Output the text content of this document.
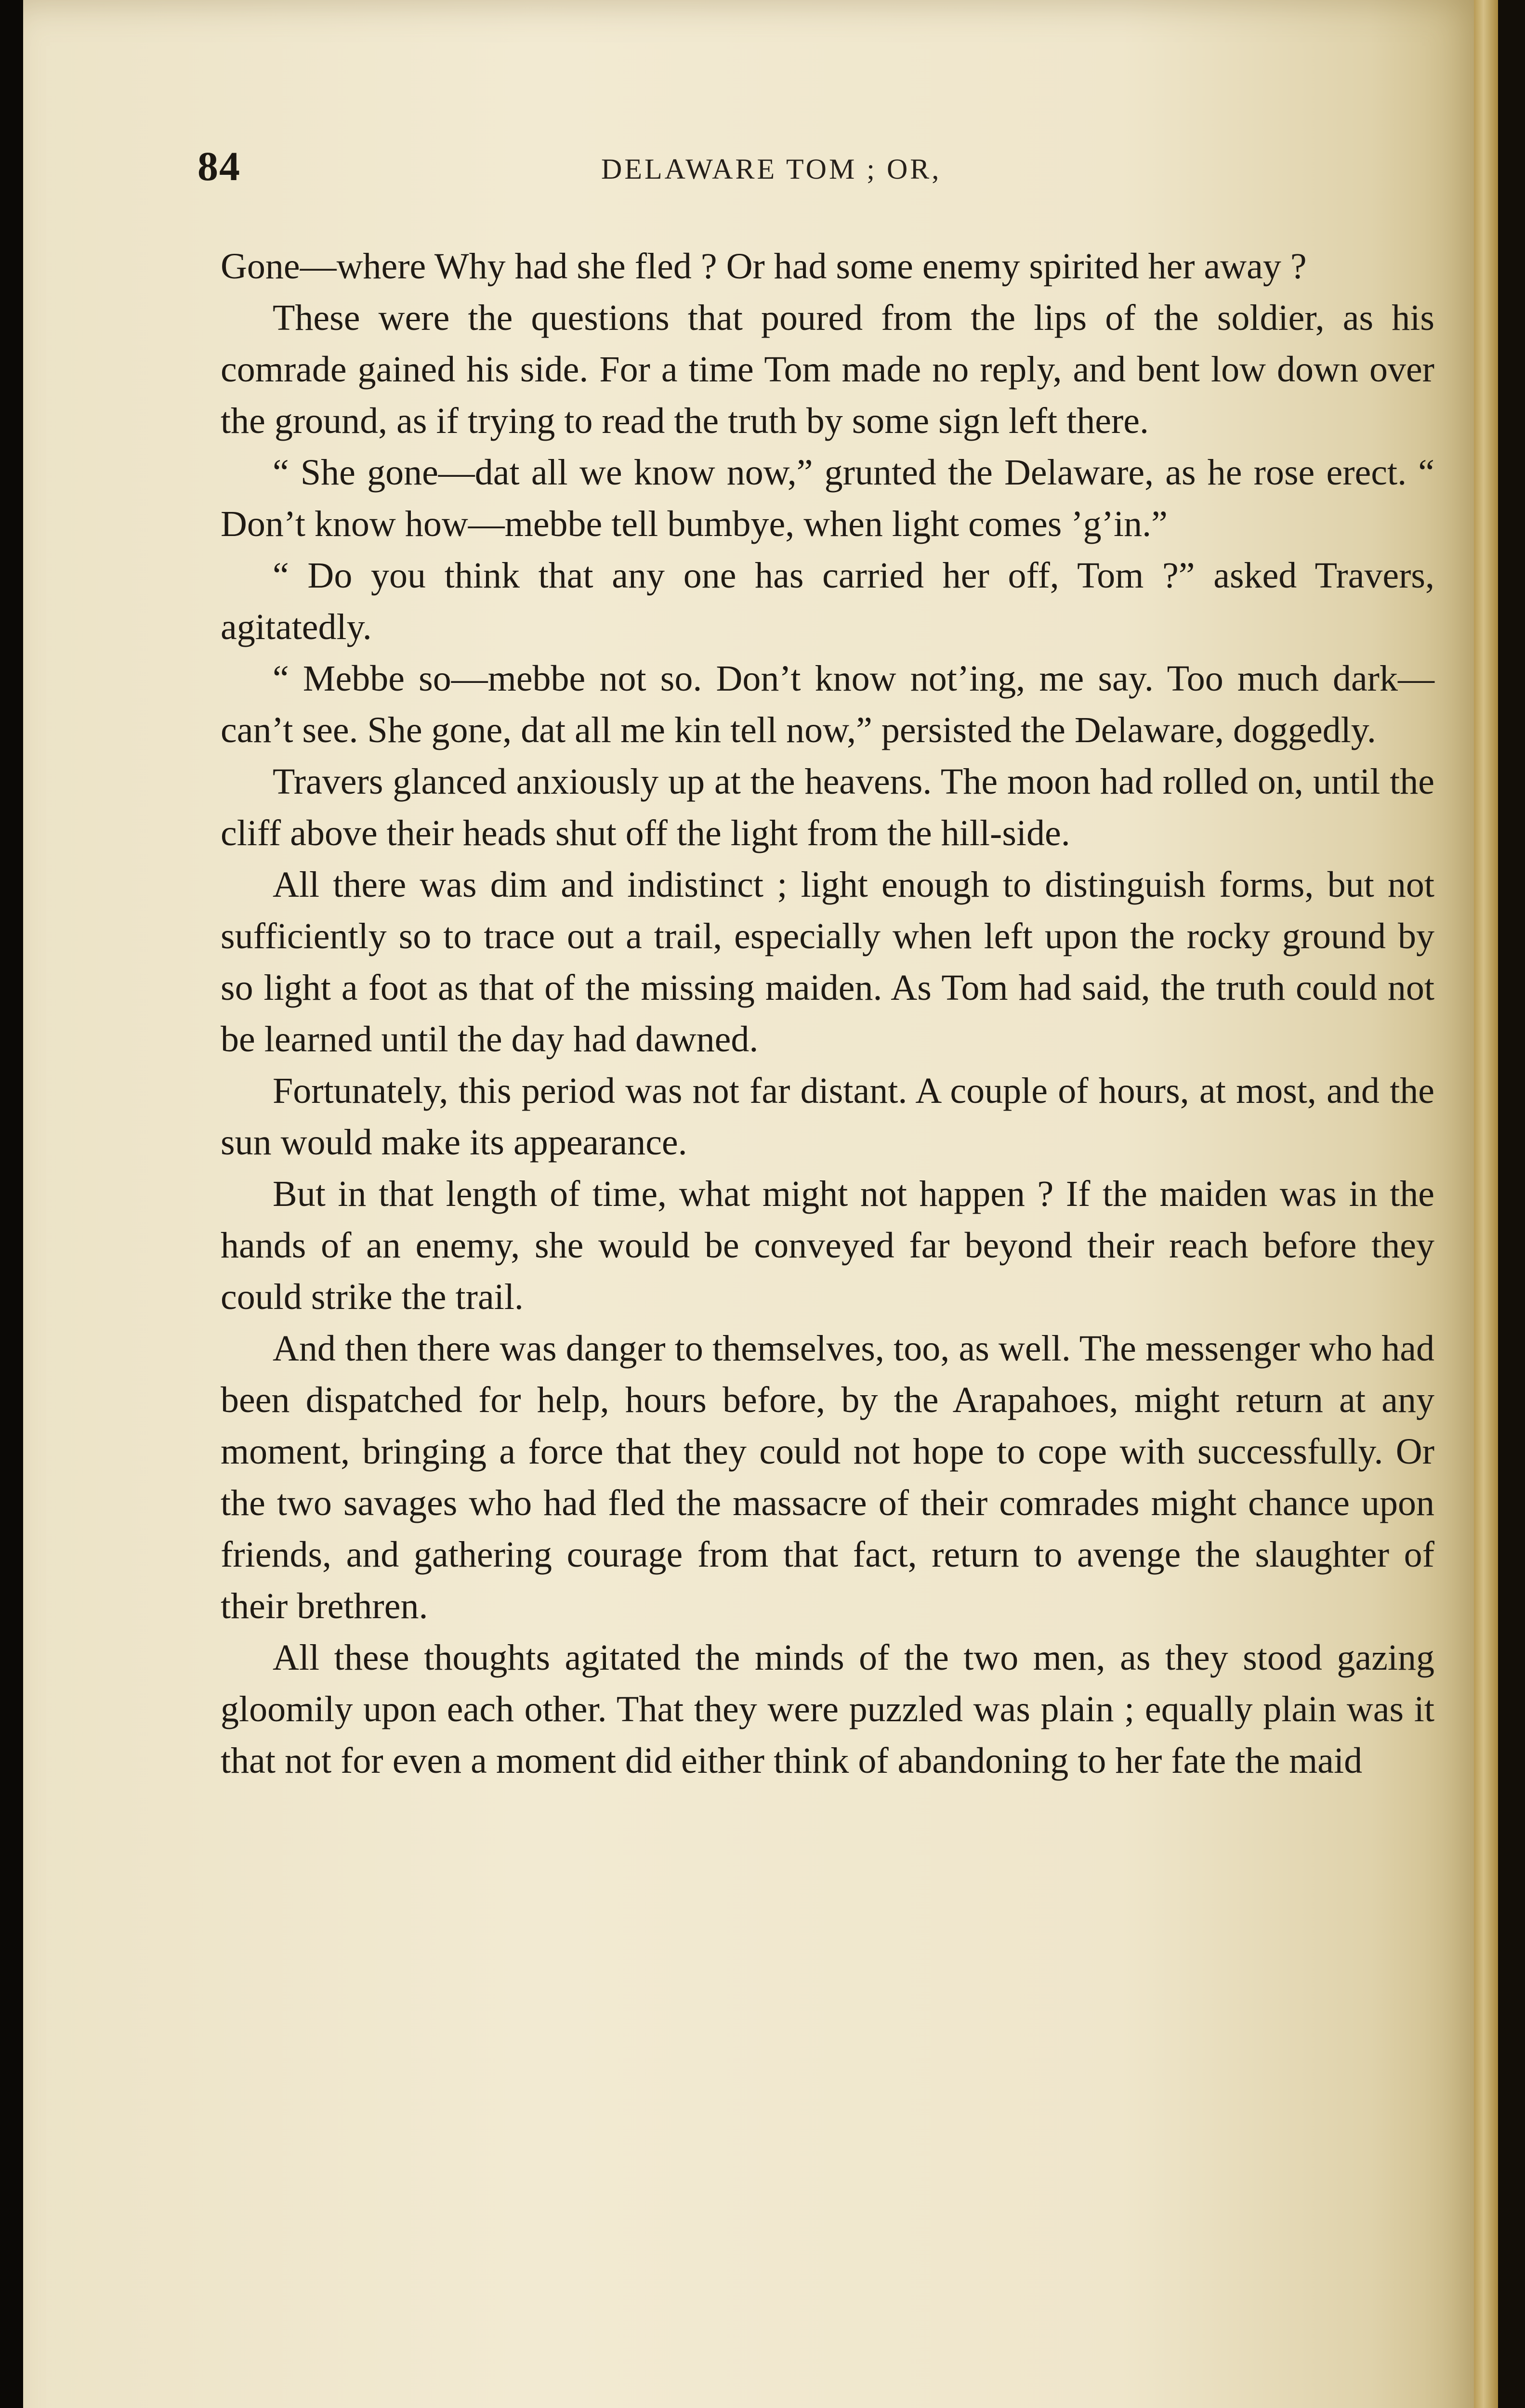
84	DELAWARE TOM ; OR,

Gone—where Why had she fled ? Or had some enemy spirited her away ?

These were the questions that poured from the lips of the soldier, as his comrade gained his side. For a time Tom made no reply, and bent low down over the ground, as if trying to read the truth by some sign left there.

“ She gone—dat all we know now,” grunted the Delaware, as he rose erect. “ Don’t know how—mebbe tell bumbye, when light comes ’g’in.”

“ Do you think that any one has carried her off, Tom ?” asked Travers, agitatedly.

“ Mebbe so—mebbe not so. Don’t know not’ing, me say. Too much dark—can’t see. She gone, dat all me kin tell now,” persisted the Delaware, doggedly.

Travers glanced anxiously up at the heavens. The moon had rolled on, until the cliff above their heads shut off the light from the hill-side.

All there was dim and indistinct ; light enough to distinguish forms, but not sufficiently so to trace out a trail, especially when left upon the rocky ground by so light a foot as that of the missing maiden. As Tom had said, the truth could not be learned until the day had dawned.

Fortunately, this period was not far distant. A couple of hours, at most, and the sun would make its appearance.

But in that length of time, what might not happen ? If the maiden was in the hands of an enemy, she would be conveyed far beyond their reach before they could strike the trail.

And then there was danger to themselves, too, as well. The messenger who had been dispatched for help, hours before, by the Arapahoes, might return at any moment, bringing a force that they could not hope to cope with successfully. Or the two savages who had fled the massacre of their comrades might chance upon friends, and gathering courage from that fact, return to avenge the slaughter of their brethren.

All these thoughts agitated the minds of the two men, as they stood gazing gloomily upon each other. That they were puzzled was plain ; equally plain was it that not for even a moment did either think of abandoning to her fate the maid
